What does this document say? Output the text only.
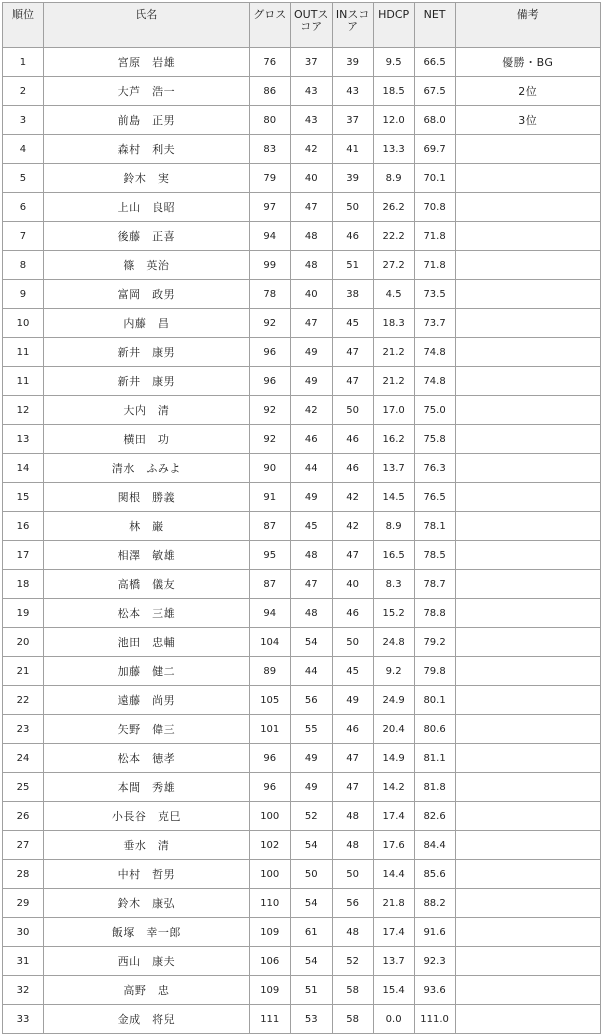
順位	氏名	グロス	OUTスコア	INスコア	HDCP	NET	備考
1	宮原　岩雄	76	37	39	9.5	66.5	優勝・BG
2	大芦　浩一	86	43	43	18.5	67.5	2位
3	前島　正男	80	43	37	12.0	68.0	3位
4	森村　利夫	83	42	41	13.3	69.7	
5	鈴木　実	79	40	39	8.9	70.1	
6	上山　良昭	97	47	50	26.2	70.8	
7	後藤　正喜	94	48	46	22.2	71.8	
8	篠　英治	99	48	51	27.2	71.8	
9	富岡　政男	78	40	38	4.5	73.5	
10	内藤　昌	92	47	45	18.3	73.7	
11	新井　康男	96	49	47	21.2	74.8	
11	新井　康男	96	49	47	21.2	74.8	
12	大内　清	92	42	50	17.0	75.0	
13	横田　功	92	46	46	16.2	75.8	
14	清水　ふみよ	90	44	46	13.7	76.3	
15	関根　勝義	91	49	42	14.5	76.5	
16	林　巌	87	45	42	8.9	78.1	
17	相澤　敏雄	95	48	47	16.5	78.5	
18	高橋　儀友	87	47	40	8.3	78.7	
19	松本　三雄	94	48	46	15.2	78.8	
20	池田　忠輔	104	54	50	24.8	79.2	
21	加藤　健二	89	44	45	9.2	79.8	
22	遠藤　尚男	105	56	49	24.9	80.1	
23	矢野　偉三	101	55	46	20.4	80.6	
24	松本　徳孝	96	49	47	14.9	81.1	
25	本間　秀雄	96	49	47	14.2	81.8	
26	小長谷　克巳	100	52	48	17.4	82.6	
27	垂水　清	102	54	48	17.6	84.4	
28	中村　哲男	100	50	50	14.4	85.6	
29	鈴木　康弘	110	54	56	21.8	88.2	
30	飯塚　幸一郎	109	61	48	17.4	91.6	
31	西山　康夫	106	54	52	13.7	92.3	
32	高野　忠	109	51	58	15.4	93.6	
33	金成　将兒	111	53	58	0.0	111.0	
